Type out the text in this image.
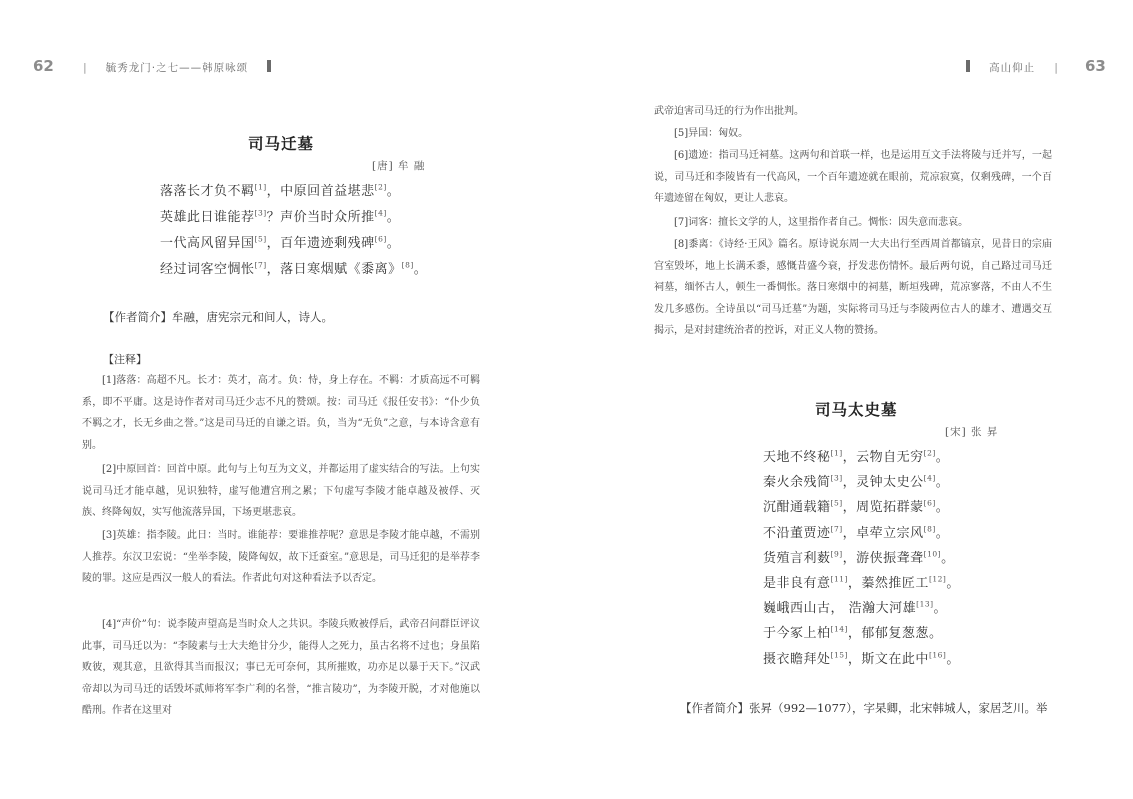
62	| 毓秀龙门·之七——韩原咏颂
司马迁墓
[唐] 牟 融
落落长才负不羁[1]，中原回首益堪悲[2]。
英雄此日谁能荐[3]？声价当时众所推[4]。
一代高风留异国[5]，百年遗迹剩残碑[6]。
经过词客空惆怅[7]，落日寒烟赋《黍离》[8]。
【作者简介】牟融，唐宪宗元和间人，诗人。
【注释】
[1]落落：高超不凡。长才：英才，高才。负：恃，身上存在。不羁：才质高远不可羁系，即不平庸。这是诗作者对司马迁少志不凡的赞颂。按：司马迁《报任安书》：“仆少负不羁之才，长无乡曲之誉。”这是司马迁的自谦之语。负，当为“无负”之意，与本诗含意有别。
[2]中原回首：回首中原。此句与上句互为文义，并都运用了虚实结合的写法。上句实说司马迁才能卓越，见识独特，虚写他遭宫刑之累；下句虚写李陵才能卓越及被俘、灭族、终降匈奴，实写他流落异国，下场更堪悲哀。
[3]英雄：指李陵。此日：当时。谁能荐：要谁推荐呢？意思是李陵才能卓越，不需别人推荐。东汉卫宏说：“坐举李陵，陵降匈奴，故下迁蚕室。”意思是，司马迁犯的是举荐李陵的罪。这应是西汉一般人的看法。作者此句对这种看法予以否定。
[4]“声价”句：说李陵声望高是当时众人之共识。李陵兵败被俘后，武帝召问群臣评议此事，司马迁以为：“李陵素与士大夫绝甘分少，能得人之死力，虽古名将不过也；身虽陷败彼，观其意，且欲得其当而报汉；事已无可奈何，其所摧败，功亦足以暴于天下。”汉武帝却以为司马迁的话毁坏贰师将军李广利的名誉，“推言陵功”，为李陵开脱，才对他施以酷刑。作者在这里对
高山仰止 | 63
武帝迫害司马迁的行为作出批判。
[5]异国：匈奴。
[6]遗迹：指司马迁祠墓。这两句和首联一样，也是运用互文手法将陵与迁并写，一起说，司马迁和李陵皆有一代高风，一个百年遗迹就在眼前，荒凉寂寞，仅剩残碑，一个百年遗迹留在匈奴，更让人悲哀。
[7]词客：擅长文学的人，这里指作者自己。惆怅：因失意而悲哀。
[8]黍离：《诗经·王风》篇名。原诗说东周一大夫出行至西周首都镐京，见昔日的宗庙宫室毁坏，地上长满禾黍，感慨昔盛今衰，抒发悲伤情怀。最后两句说，自己路过司马迁祠墓，缅怀古人，顿生一番惆怅。落日寒烟中的祠墓，断垣残碑，荒凉寥落，不由人不生发几多感伤。全诗虽以“司马迁墓”为题，实际将司马迁与李陵两位古人的雄才、遭遇交互揭示，是对封建统治者的控诉，对正义人物的赞扬。
司马太史墓
[宋] 张 昇
天地不终秘[1]，云物自无穷[2]。
秦火余残简[3]，灵钟太史公[4]。
沉酣通载籍[5]，周览拓群蒙[6]。
不沿董贾迹[7]，卓荦立宗风[8]。
货殖言利薮[9]，游侠振聋聋[10]。
是非良有意[11]，蓁然推匠工[12]。
巍峨西山古， 浩瀚大河雄[13]。
于今冢上柏[14]，郁郁复葱葱。
摄衣瞻拜处[15]，斯文在此中[16]。
【作者简介】张昇（992—1077），字杲卿，北宋韩城人，家居芝川。举
